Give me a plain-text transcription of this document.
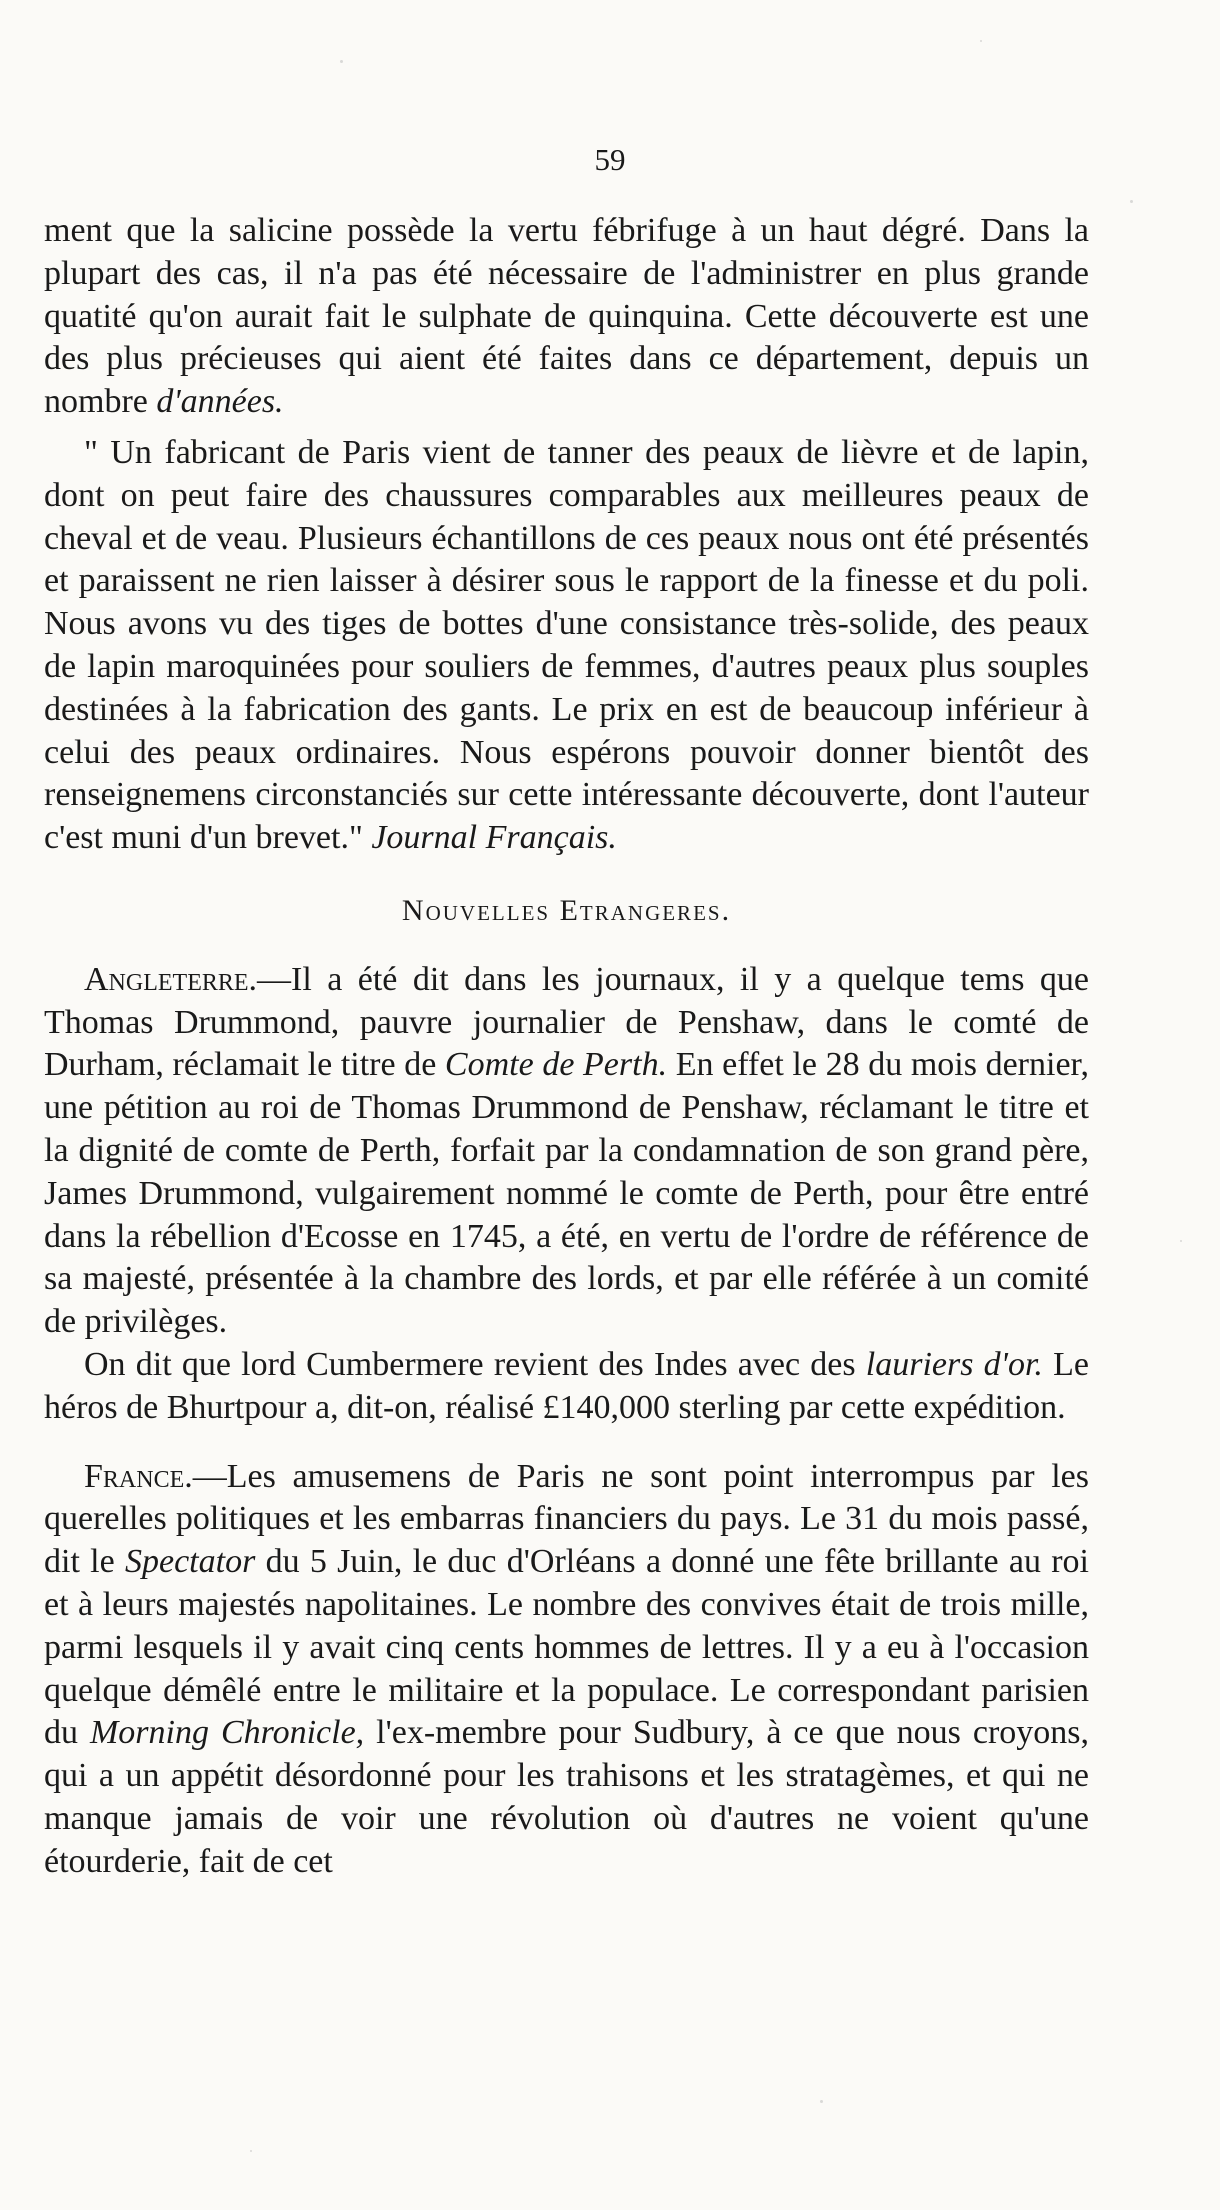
59

ment que la salicine possède la vertu fébrifuge à un haut dégré. Dans la plupart des cas, il n'a pas été nécessaire de l'administrer en plus grande quatité qu'on aurait fait le sulphate de quinquina. Cette découverte est une des plus précieuses qui aient été faites dans ce département, depuis un nombre d'années.

" Un fabricant de Paris vient de tanner des peaux de lièvre et de lapin, dont on peut faire des chaussures comparables aux meilleures peaux de cheval et de veau. Plusieurs échantillons de ces peaux nous ont été présentés et paraissent ne rien laisser à désirer sous le rapport de la finesse et du poli. Nous avons vu des tiges de bottes d'une consistance très-solide, des peaux de lapin maroquinées pour souliers de femmes, d'autres peaux plus souples destinées à la fabrication des gants. Le prix en est de beaucoup inférieur à celui des peaux ordinaires. Nous espérons pouvoir donner bientôt des renseignemens circonstanciés sur cette intéressante découverte, dont l'auteur c'est muni d'un brevet." Journal Français.

Nouvelles Etrangeres.

Angleterre.—Il a été dit dans les journaux, il y a quelque tems que Thomas Drummond, pauvre journalier de Penshaw, dans le comté de Durham, réclamait le titre de Comte de Perth. En effet le 28 du mois dernier, une pétition au roi de Thomas Drummond de Penshaw, réclamant le titre et la dignité de comte de Perth, forfait par la condamnation de son grand père, James Drummond, vulgairement nommé le comte de Perth, pour être entré dans la rébellion d'Ecosse en 1745, a été, en vertu de l'ordre de référence de sa majesté, présentée à la chambre des lords, et par elle référée à un comité de privilèges.

On dit que lord Cumbermere revient des Indes avec des lauriers d'or. Le héros de Bhurtpour a, dit-on, réalisé £140,000 sterling par cette expédition.

France.—Les amusemens de Paris ne sont point interrompus par les querelles politiques et les embarras financiers du pays. Le 31 du mois passé, dit le Spectator du 5 Juin, le duc d'Orléans a donné une fête brillante au roi et à leurs majestés napolitaines. Le nombre des convives était de trois mille, parmi lesquels il y avait cinq cents hommes de lettres. Il y a eu à l'occasion quelque démêlé entre le militaire et la populace. Le correspondant parisien du Morning Chronicle, l'ex-membre pour Sudbury, à ce que nous croyons, qui a un appétit désordonné pour les trahisons et les stratagèmes, et qui ne manque jamais de voir une révolution où d'autres ne voient qu'une étourderie, fait de cet
